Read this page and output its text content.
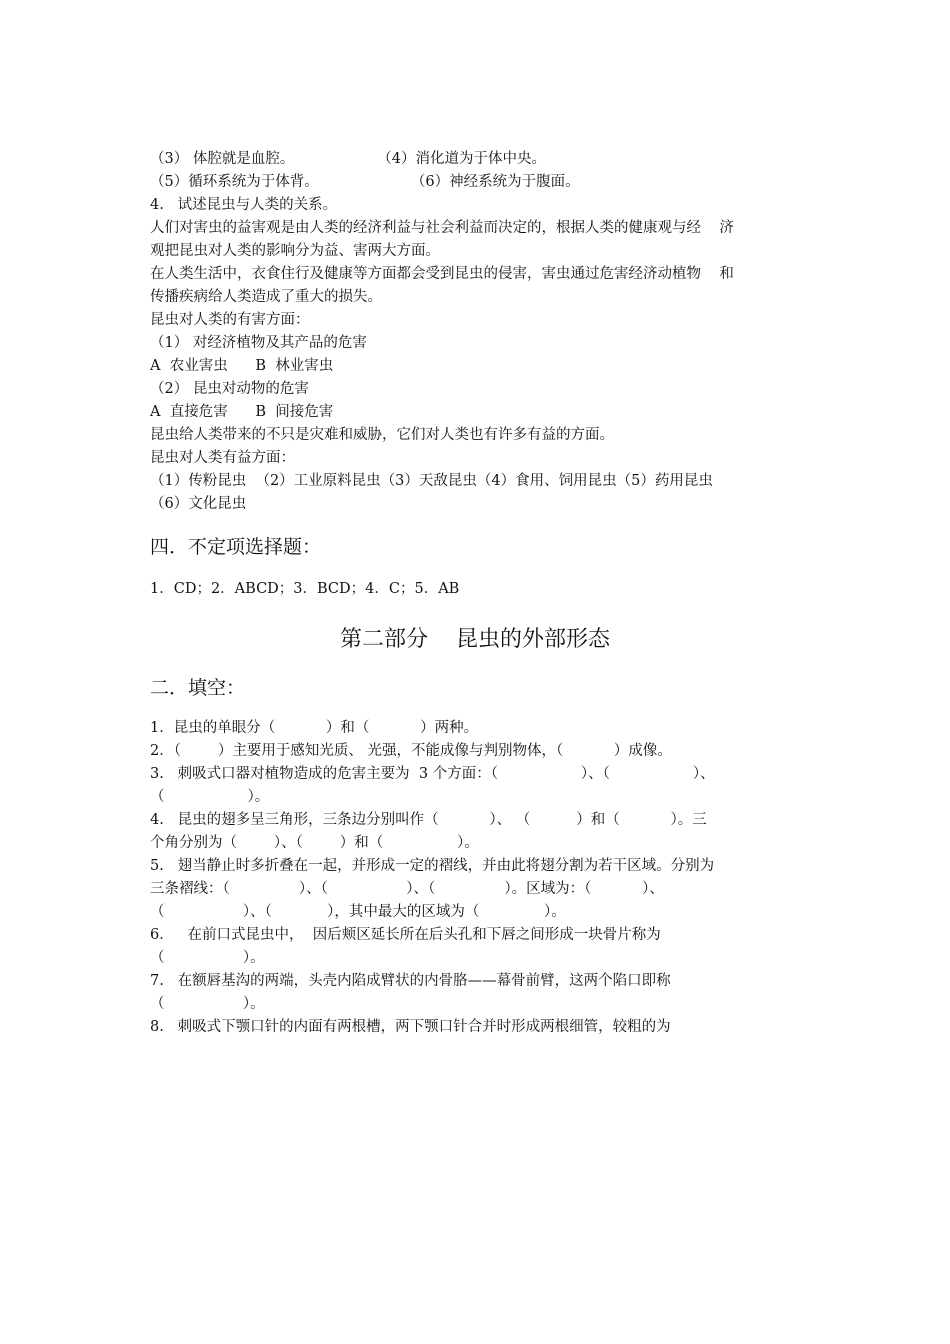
（3） 体腔就是血腔。                  （4）消化道为于体中央。

（5）循环系统为于体背。                    （6）神经系统为于腹面。

4.   试述昆虫与人类的关系。

人们对害虫的益害观是由人类的经济利益与社会利益而决定的，根据人类的健康观与经    济

观把昆虫对人类的影响分为益、害两大方面。

在人类生活中，衣食住行及健康等方面都会受到昆虫的侵害，害虫通过危害经济动植物    和

传播疾病给人类造成了重大的损失。

昆虫对人类的有害方面：

（1） 对经济植物及其产品的危害

A  农业害虫      B  林业害虫

（2） 昆虫对动物的危害

A  直接危害      B  间接危害

昆虫给人类带来的不只是灾难和威胁，它们对人类也有许多有益的方面。

昆虫对人类有益方面：

（1）传粉昆虫  （2）工业原料昆虫（3）天敌昆虫（4）食用、饲用昆虫（5）药用昆虫

（6）文化昆虫

四．不定项选择题：

1．CD；2．ABCD；3．BCD；4．C；5．AB

第二部分    昆虫的外部形态
二．填空：

1．昆虫的单眼分（           ）和（           ）两种。

2．（        ）主要用于感知光质、 光强，不能成像与判别物体，（           ）成像。

3.   刺吸式口器对植物造成的危害主要为  3 个方面：（                  ）、（                  ）、

（                  ）。

4.   昆虫的翅多呈三角形，三条边分别叫作（           ）、 （          ）和（           ）。三

个角分别为（        ）、（        ）和（                ）。

5.   翅当静止时多折叠在一起，并形成一定的褶线，并由此将翅分割为若干区域。分别为

三条褶线：（               ）、（                 ）、（               ）。区域为：（           ）、

（                 ）、（            ），其中最大的区域为（              ）。

6．   在前口式昆虫中，  因后颊区延长所在后头孔和下唇之间形成一块骨片称为

（                 ）。

7.   在额唇基沟的两端，头壳内陷成臂状的内骨胳——幕骨前臂，这两个陷口即称

（                 ）。

8.   刺吸式下颚口针的内面有两根槽，两下颚口针合并时形成两根细管，较粗的为
